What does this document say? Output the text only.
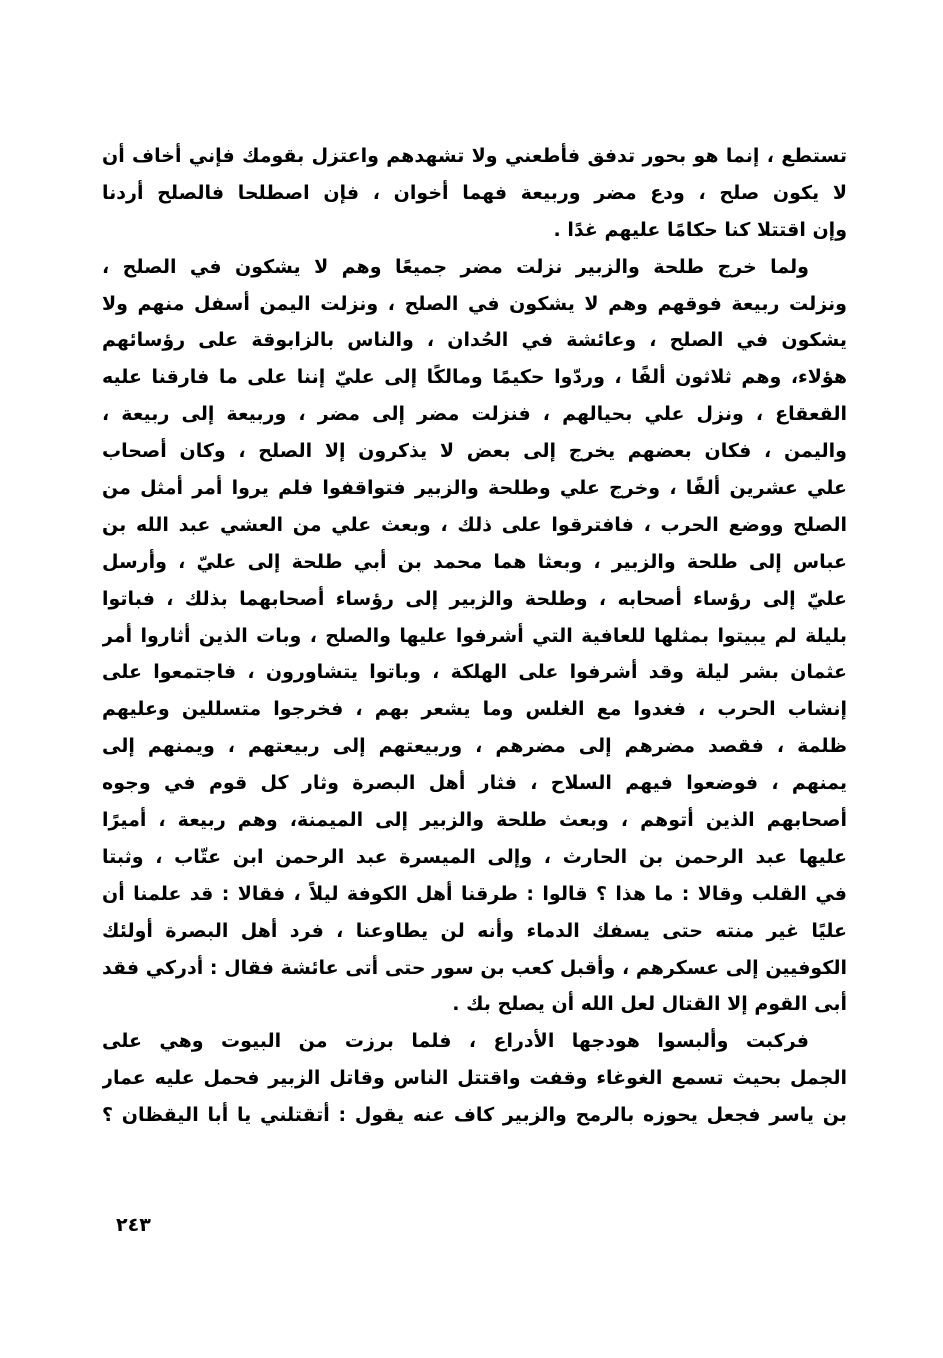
تستطع ، إنما هو بحور تدفق فأطعني ولا تشهدهم واعتزل بقومك فإني أخاف أن
لا يكون صلح ، ودع مضر وربيعة فهما أخوان ، فإن اصطلحا فالصلح أردنا
وإن اقتتلا كنا حكامًا عليهم غدًا .
ولما خرج طلحة والزبير نزلت مضر جميعًا وهم لا يشكون في الصلح ،
ونزلت ربيعة فوقهم وهم لا يشكون في الصلح ، ونزلت اليمن أسفل منهم ولا
يشكون في الصلح ، وعائشة في الحُدان ، والناس بالزابوقة على رؤسائهم
هؤلاء، وهم ثلاثون ألفًا ، وردّوا حكيمًا ومالكًا إلى عليّ إننا على ما فارقنا عليه
القعقاع ، ونزل علي بحيالهم ، فنزلت مضر إلى مضر ، وربيعة إلى ربيعة ،
واليمن ، فكان بعضهم يخرج إلى بعض لا يذكرون إلا الصلح ، وكان أصحاب
علي عشرين ألفًا ، وخرج علي وطلحة والزبير فتواقفوا فلم يروا أمر أمثل من
الصلح ووضع الحرب ، فافترقوا على ذلك ، وبعث علي من العشي عبد الله بن
عباس إلى طلحة والزبير ، وبعثا هما محمد بن أبي طلحة إلى عليّ ، وأرسل
عليّ إلى رؤساء أصحابه ، وطلحة والزبير إلى رؤساء أصحابهما بذلك ، فباتوا
بليلة لم يبيتوا بمثلها للعافية التي أشرفوا عليها والصلح ، وبات الذين أثاروا أمر
عثمان بشر ليلة وقد أشرفوا على الهلكة ، وباتوا يتشاورون ، فاجتمعوا على
إنشاب الحرب ، فغدوا مع الغلس وما يشعر بهم ، فخرجوا متسللين وعليهم
ظلمة ، فقصد مضرهم إلى مضرهم ، وربيعتهم إلى ربيعتهم ، ويمنهم إلى
يمنهم ، فوضعوا فيهم السلاح ، فثار أهل البصرة وثار كل قوم في وجوه
أصحابهم الذين أتوهم ، وبعث طلحة والزبير إلى الميمنة، وهم ربيعة ، أميرًا
عليها عبد الرحمن بن الحارث ، وإلى الميسرة عبد الرحمن ابن عتّاب ، وثبتا
في القلب وقالا : ما هذا ؟ قالوا : طرقنا أهل الكوفة ليلاً ، فقالا : قد علمنا أن
عليًا غير منته حتى يسفك الدماء وأنه لن يطاوعنا ، فرد أهل البصرة أولئك
الكوفيين إلى عسكرهم ، وأقبل كعب بن سور حتى أتى عائشة فقال : أدركي فقد
أبى القوم إلا القتال لعل الله أن يصلح بك .
فركبت وألبسوا هودجها الأدراع ، فلما برزت من البيوت وهي على
الجمل بحيث تسمع الغوغاء وقفت واقتتل الناس وقاتل الزبير فحمل عليه عمار
بن ياسر فجعل يحوزه بالرمح والزبير كاف عنه يقول : أتقتلني يا أبا اليقظان ؟
٢٤٣
